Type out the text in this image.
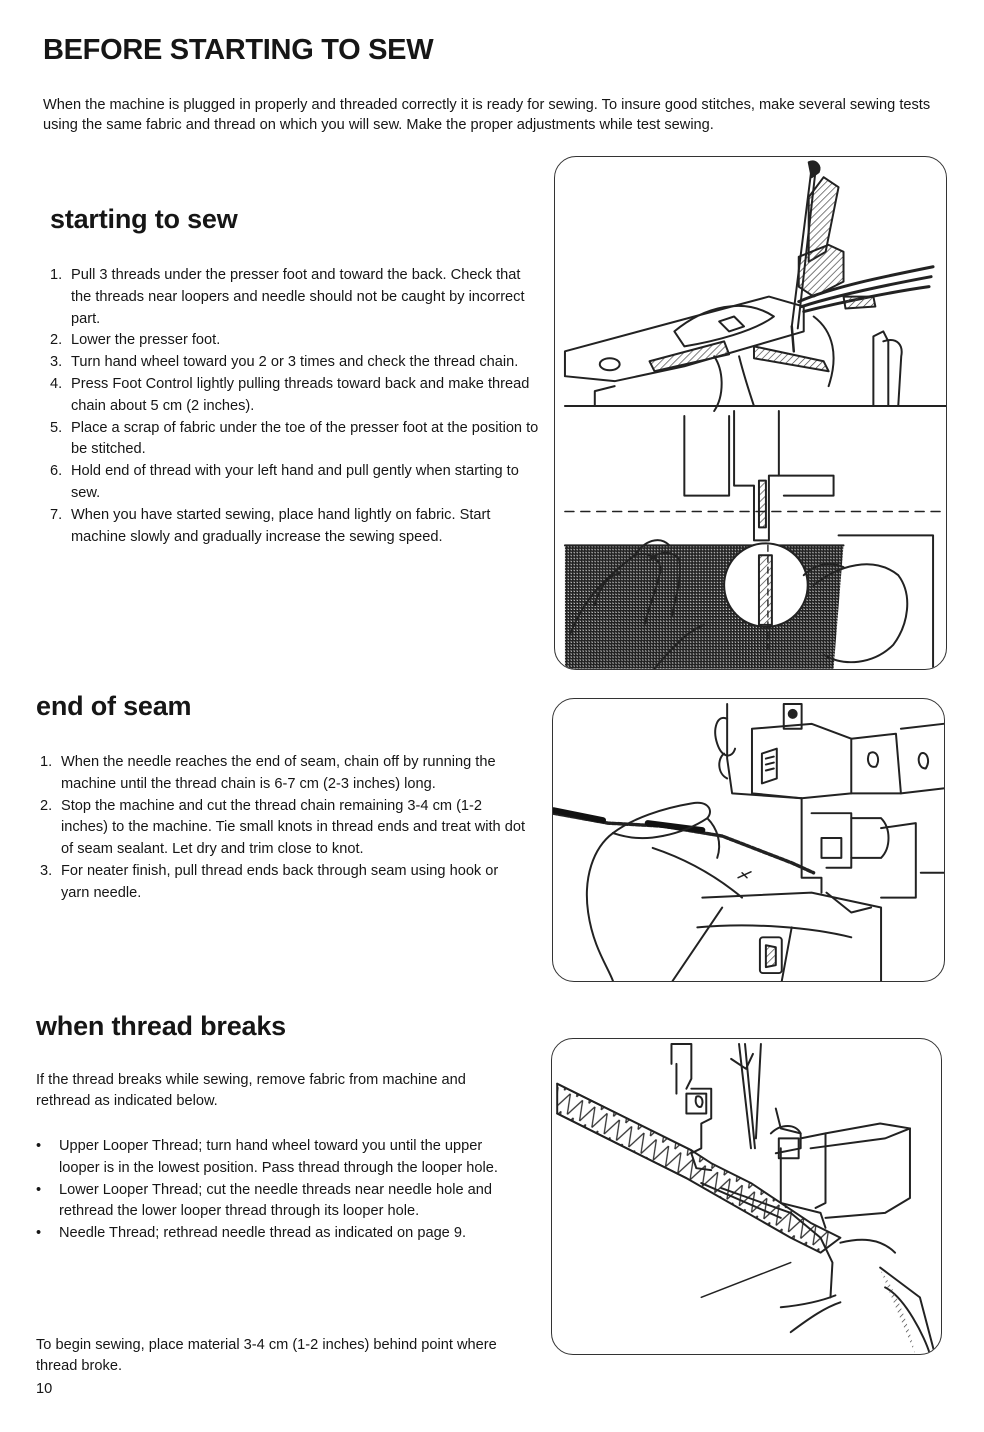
BEFORE STARTING TO SEW
When the machine is plugged in properly and threaded correctly it is ready for sewing. To insure good stitches, make several sewing tests using the same fabric and thread on which you will sew. Make the proper adjustments while test sewing.
starting to sew
1. Pull 3 threads under the presser foot and toward the back. Check that the threads near loopers and needle should not be caught by incorrect part.
2. Lower the presser foot.
3. Turn hand wheel toward you 2 or 3 times and check the thread chain.
4. Press Foot Control lightly pulling threads toward back and make thread chain about 5 cm (2 inches).
5. Place a scrap of fabric under the toe of the presser foot at the position to be stitched.
6. Hold end of thread with your left hand and pull gently when starting to sew.
7. When you have started sewing, place hand lightly on fabric. Start machine slowly and gradually increase the sewing speed.
end of seam
1. When the needle reaches the end of seam, chain off by running the machine until the thread chain is 6-7 cm (2-3 inches) long.
2. Stop the machine and cut the thread chain remaining 3-4 cm (1-2 inches) to the machine. Tie small knots in thread ends and treat with dot of seam sealant. Let dry and trim close to knot.
3. For neater finish, pull thread ends back through seam using hook or yarn needle.
when thread breaks
If the thread breaks while sewing, remove fabric from machine and rethread as indicated below.
• Upper Looper Thread; turn hand wheel toward you until the upper looper is in the lowest position. Pass thread through the looper hole.
• Lower Looper Thread; cut the needle threads near needle hole and rethread the lower looper thread through its looper hole.
• Needle Thread; rethread needle thread as indicated on page 9.
To begin sewing, place material 3-4 cm (1-2 inches) behind point where thread broke.
10
